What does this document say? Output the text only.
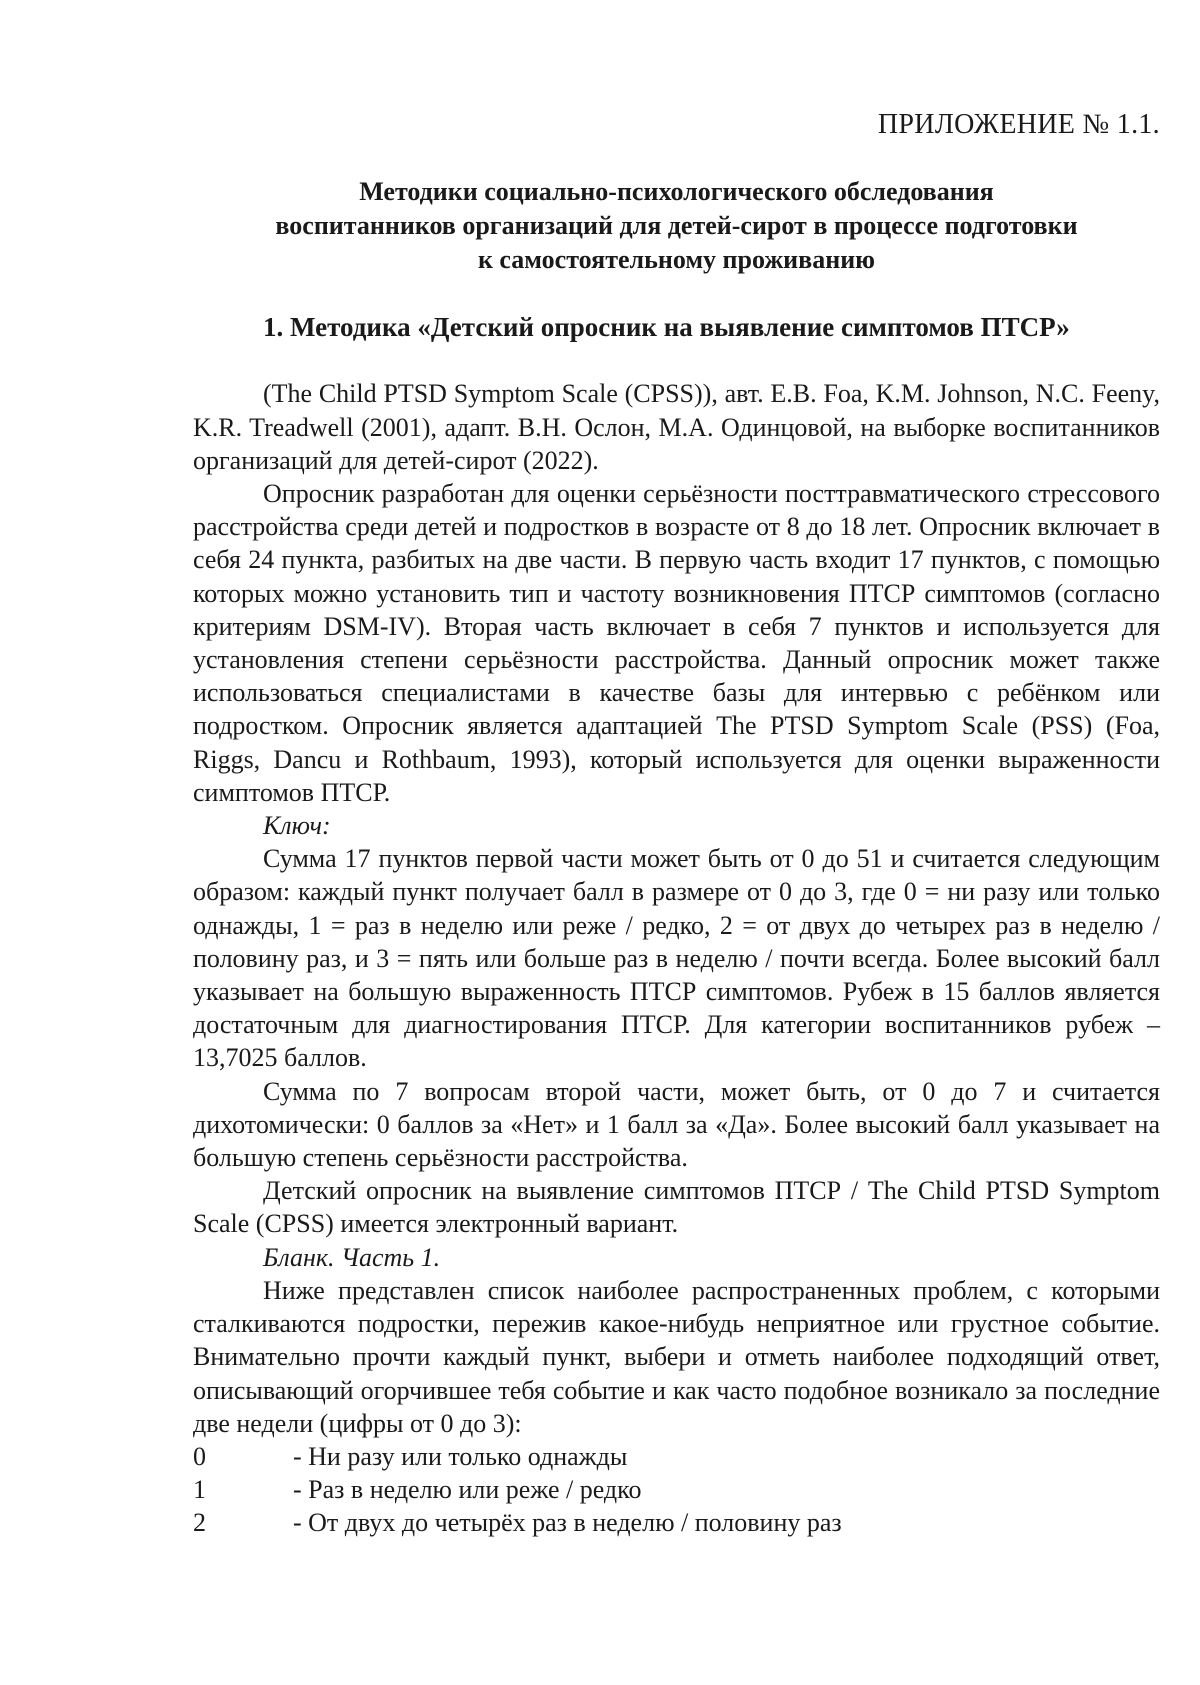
ПРИЛОЖЕНИЕ № 1.1.
Методики социально-психологического обследования
воспитанников организаций для детей-сирот в процессе подготовки
к самостоятельному проживанию
1. Методика «Детский опросник на выявление симптомов ПТСР»

(The Child PTSD Symptom Scale (CPSS)), авт. E.B. Foa, K.M. Johnson, N.C. Feeny, K.R. Treadwell (2001), адапт. В.Н. Ослон, М.А. Одинцовой, на выборке воспитанников организаций для детей-сирот (2022).

Опросник разработан для оценки серьёзности посттравматического стрессового расстройства среди детей и подростков в возрасте от 8 до 18 лет. Опросник включает в себя 24 пункта, разбитых на две части. В первую часть входит 17 пунктов, с помощью которых можно установить тип и частоту возникновения ПТСР симптомов (согласно критериям DSM-IV). Вторая часть включает в себя 7 пунктов и используется для установления степени серьёзности расстройства. Данный опросник может также использоваться специалистами в качестве базы для интервью с ребёнком или подростком. Опросник является адаптацией The PTSD Symptom Scale (PSS) (Foa, Riggs, Dancu и Rothbaum, 1993), который используется для оценки выраженности симптомов ПТСР.

Ключ:

Сумма 17 пунктов первой части может быть от 0 до 51 и считается следующим образом: каждый пункт получает балл в размере от 0 до 3, где 0 = ни разу или только однажды, 1 = раз в неделю или реже / редко, 2 = от двух до четырех раз в неделю / половину раз, и 3 = пять или больше раз в неделю / почти всегда. Более высокий балл указывает на большую выраженность ПТСР симптомов. Рубеж в 15 баллов является достаточным для диагностирования ПТСР. Для категории воспитанников рубеж – 13,7025 баллов.

Сумма по 7 вопросам второй части, может быть, от 0 до 7 и считается дихотомически: 0 баллов за «Нет» и 1 балл за «Да». Более высокий балл указывает на большую степень серьёзности расстройства.

Детский опросник на выявление симптомов ПТСР / The Child PTSD Symptom Scale (CPSS) имеется электронный вариант.

Бланк. Часть 1.

Ниже представлен список наиболее распространенных проблем, с которыми сталкиваются подростки, пережив какое-нибудь неприятное или грустное событие. Внимательно прочти каждый пункт, выбери и отметь наиболее подходящий ответ, описывающий огорчившее тебя событие и как часто подобное возникало за последние две недели (цифры от 0 до 3):

0	- Ни разу или только однажды
1	- Раз в неделю или реже / редко
2	- От двух до четырёх раз в неделю / половину раз
